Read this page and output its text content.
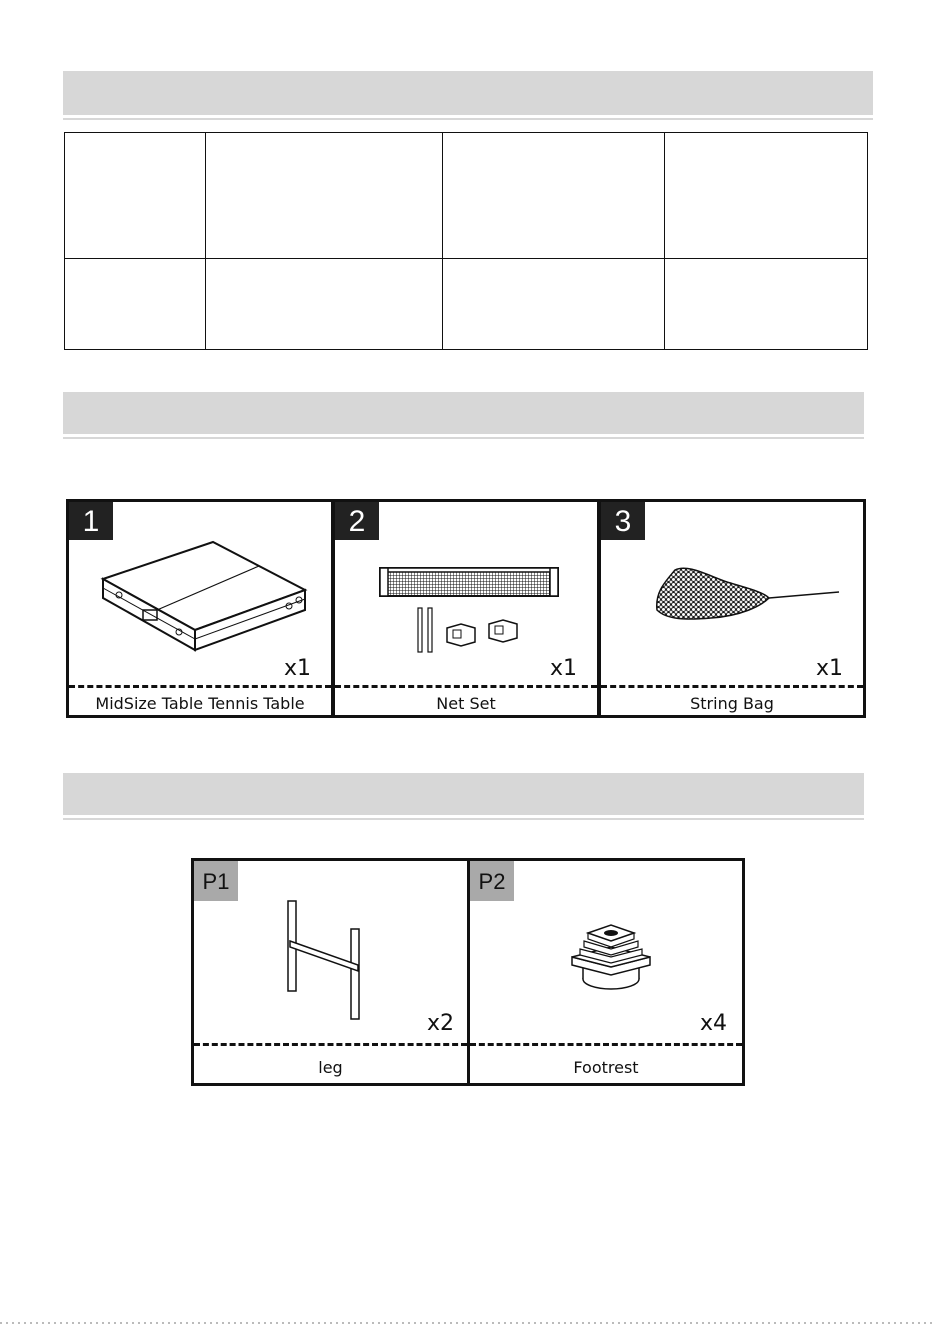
1
x1
MidSize Table Tennis Table
2
x1
Net Set
3
x1
String Bag
P1
x2
leg
P2
x4
Footrest
